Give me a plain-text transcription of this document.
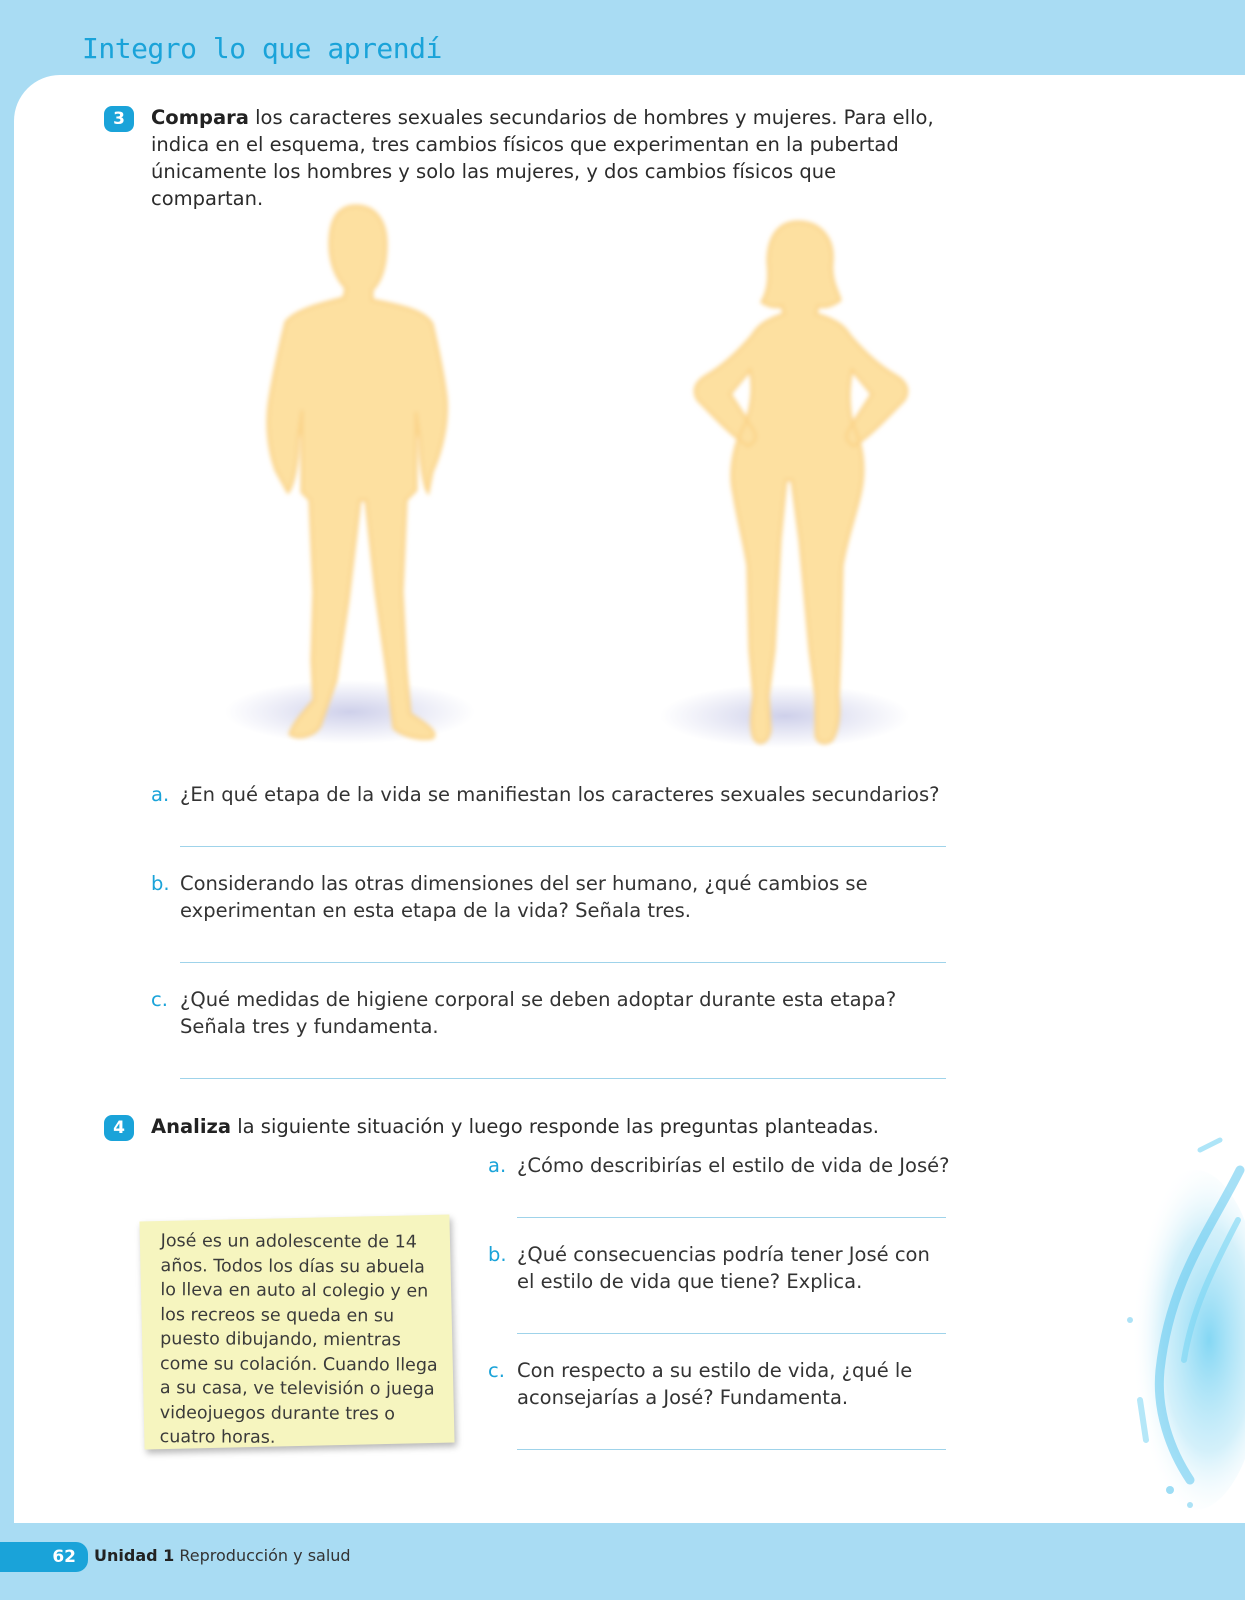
Integro lo que aprendí
3	Compara los caracteres sexuales secundarios de hombres y mujeres. Para ello, indica en el esquema, tres cambios físicos que experimentan en la pubertad únicamente los hombres y solo las mujeres, y dos cambios físicos que compartan.

a. ¿En qué etapa de la vida se manifiestan los caracteres sexuales secundarios?
b. Considerando las otras dimensiones del ser humano, ¿qué cambios se experimentan en esta etapa de la vida? Señala tres.
c. ¿Qué medidas de higiene corporal se deben adoptar durante esta etapa? Señala tres y fundamenta.
4	Analiza la siguiente situación y luego responde las preguntas planteadas.

José es un adolescente de 14 años. Todos los días su abuela lo lleva en auto al colegio y en los recreos se queda en su puesto dibujando, mientras come su colación. Cuando llega a su casa, ve televisión o juega videojuegos durante tres o cuatro horas.
a. ¿Cómo describirías el estilo de vida de José?
b. ¿Qué consecuencias podría tener José con el estilo de vida que tiene? Explica.
c. Con respecto a su estilo de vida, ¿qué le aconsejarías a José? Fundamenta.
62	Unidad 1 Reproducción y salud
